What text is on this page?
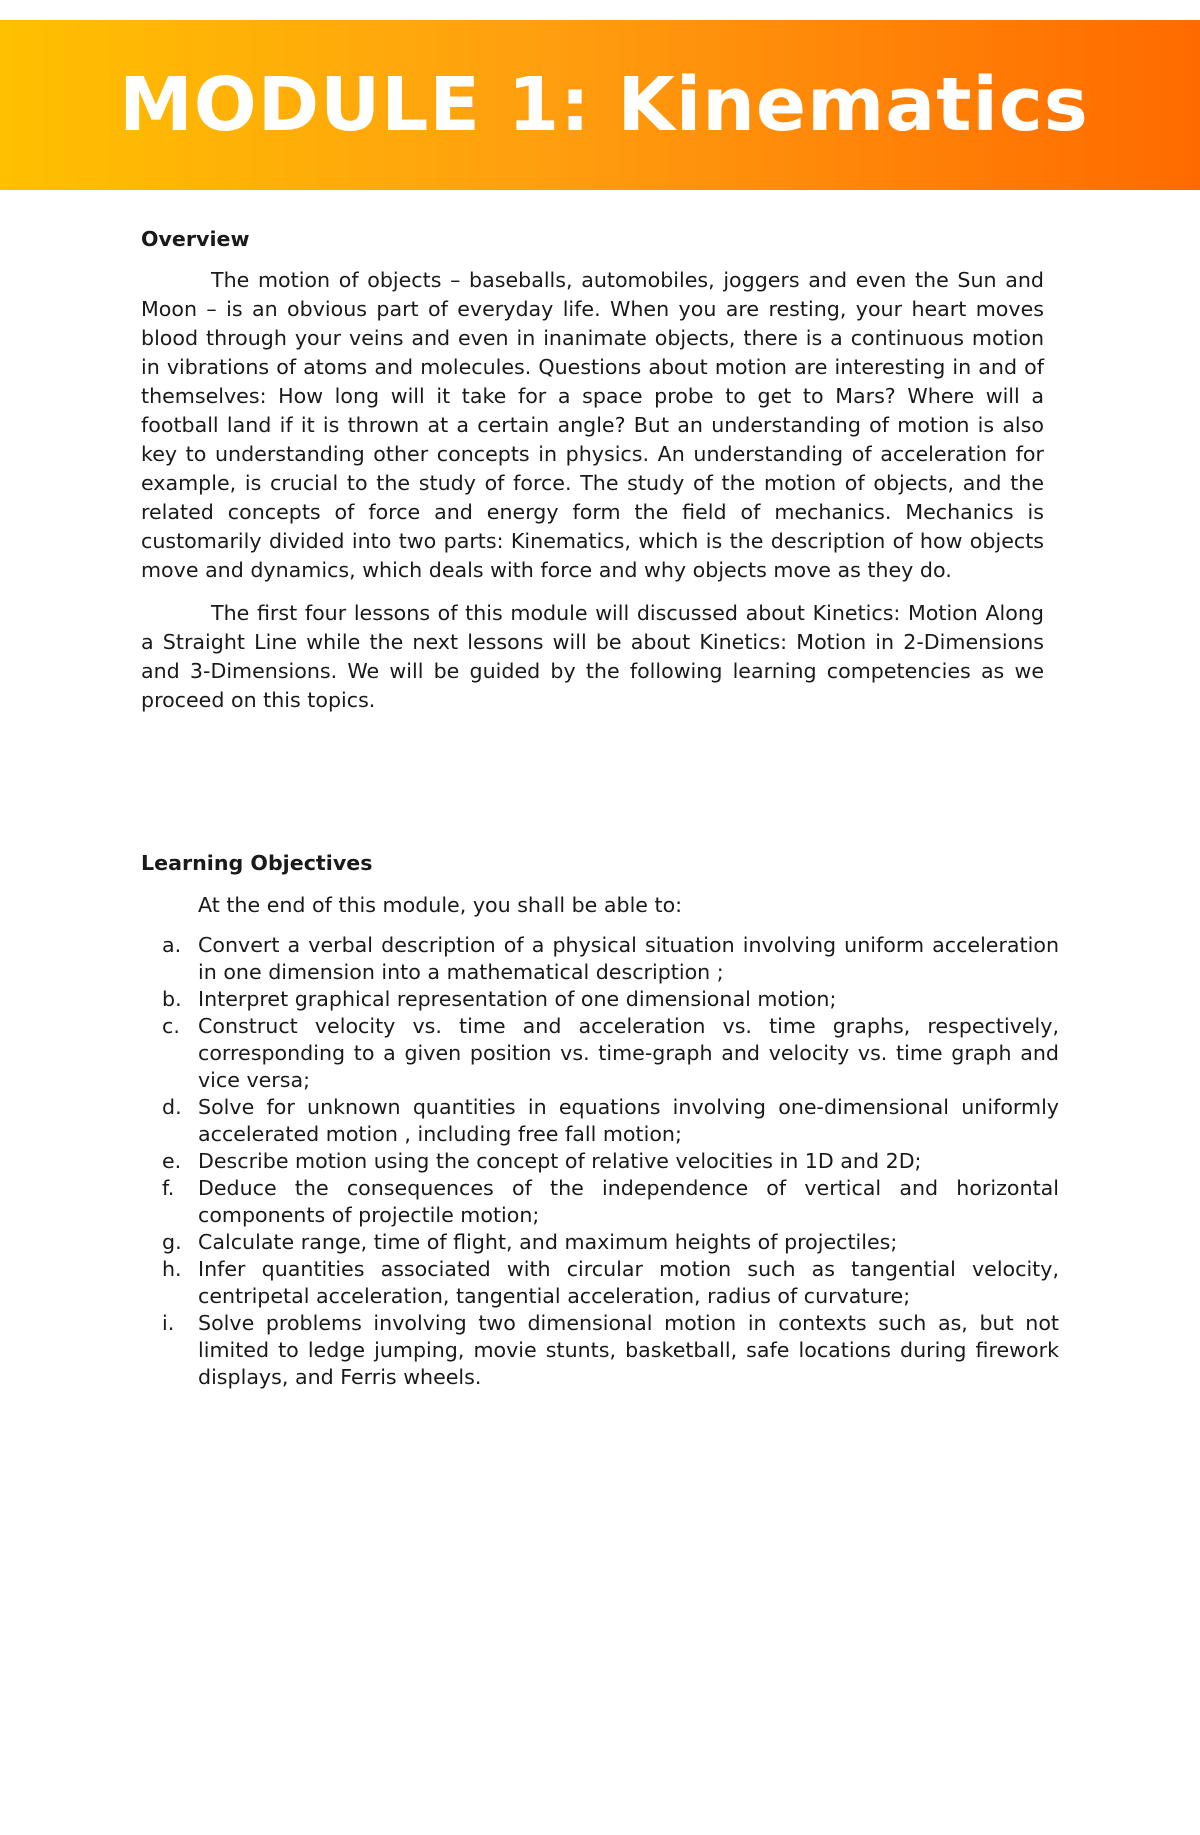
MODULE 1: Kinematics

Overview

The motion of objects – baseballs, automobiles, joggers and even the Sun and Moon – is an obvious part of everyday life. When you are resting, your heart moves blood through your veins and even in inanimate objects, there is a continuous motion in vibrations of atoms and molecules. Questions about motion are interesting in and of themselves: How long will it take for a space probe to get to Mars? Where will a football land if it is thrown at a certain angle? But an understanding of motion is also key to understanding other concepts in physics. An understanding of acceleration for example, is crucial to the study of force. The study of the motion of objects, and the related concepts of force and energy form the field of mechanics. Mechanics is customarily divided into two parts: Kinematics, which is the description of how objects move and dynamics, which deals with force and why objects move as they do.

The first four lessons of this module will discussed about Kinetics: Motion Along a Straight Line while the next lessons will be about Kinetics: Motion in 2-Dimensions and 3-Dimensions. We will be guided by the following learning competencies as we proceed on this topics.

Learning Objectives

At the end of this module, you shall be able to:

a. Convert a verbal description of a physical situation involving uniform acceleration in one dimension into a mathematical description ;
b. Interpret graphical representation of one dimensional motion;
c. Construct velocity vs. time and acceleration vs. time graphs, respectively, corresponding to a given position vs. time-graph and velocity vs. time graph and vice versa;
d. Solve for unknown quantities in equations involving one-dimensional uniformly accelerated motion , including free fall motion;
e. Describe motion using the concept of relative velocities in 1D and 2D;
f.	Deduce the consequences of the independence of vertical and horizontal components of projectile motion;
g. Calculate range, time of flight, and maximum heights of projectiles;
h. Infer quantities associated with circular motion such as tangential velocity, centripetal acceleration, tangential acceleration, radius of curvature;
i.	Solve problems involving two dimensional motion in contexts such as, but not limited to ledge jumping, movie stunts, basketball, safe locations during firework displays, and Ferris wheels.
